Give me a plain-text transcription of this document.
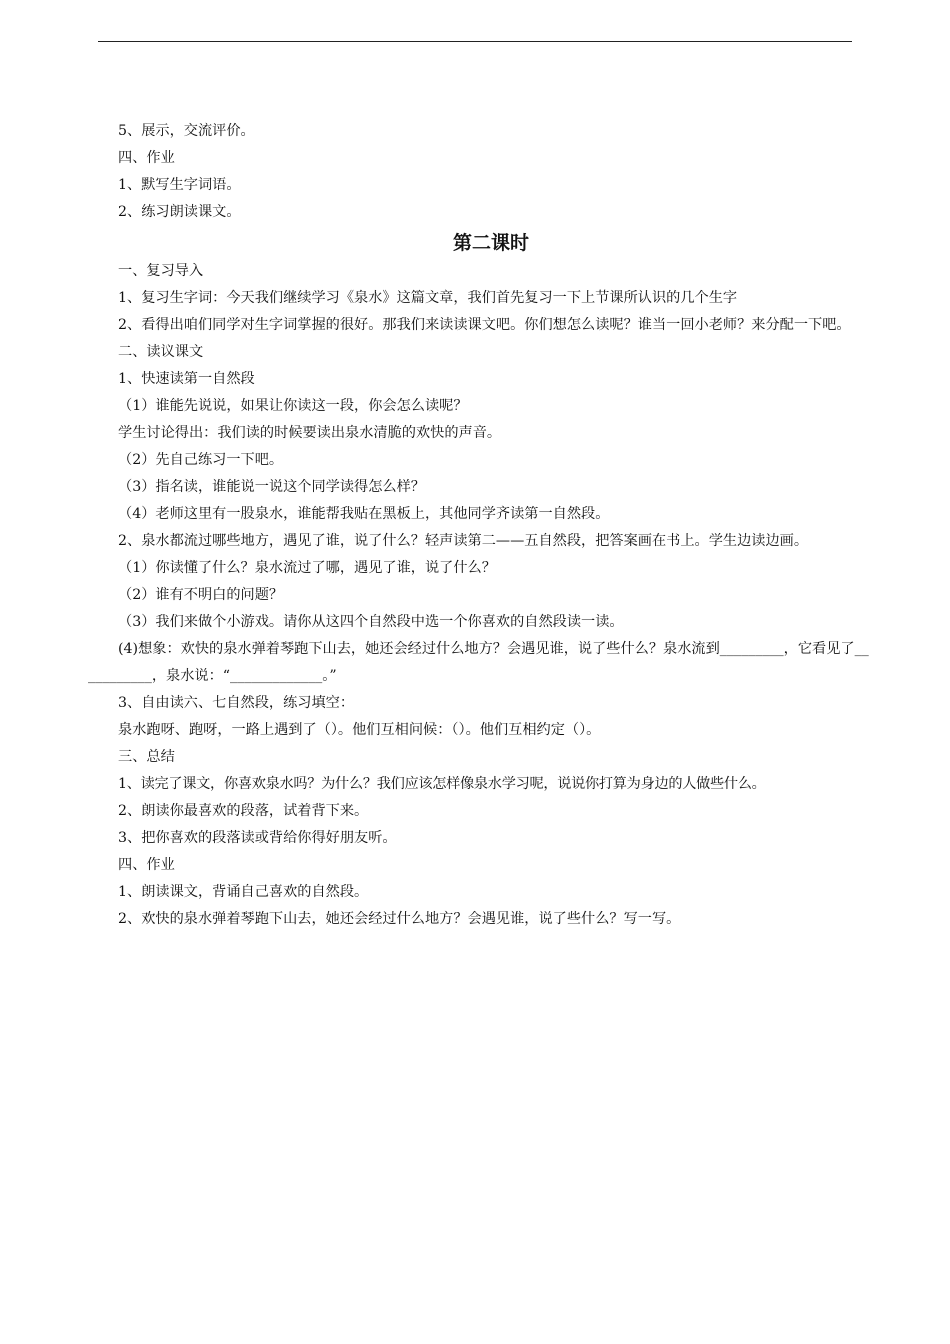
5、展示，交流评价。

四、作业

1、默写生字词语。

2、练习朗读课文。

第二课时

一、复习导入

1、复习生字词：今天我们继续学习《泉水》这篇文章，我们首先复习一下上节课所认识的几个生字

2、看得出咱们同学对生字词掌握的很好。那我们来读读课文吧。你们想怎么读呢？谁当一回小老师？来分配一下吧。

二、读议课文

1、快速读第一自然段

（1）谁能先说说，如果让你读这一段，你会怎么读呢？

学生讨论得出：我们读的时候要读出泉水清脆的欢快的声音。

（2）先自己练习一下吧。

（3）指名读，谁能说一说这个同学读得怎么样？

（4）老师这里有一股泉水，谁能帮我贴在黑板上，其他同学齐读第一自然段。

2、泉水都流过哪些地方，遇见了谁，说了什么？轻声读第二——五自然段，把答案画在书上。学生边读边画。

（1）你读懂了什么？泉水流过了哪，遇见了谁，说了什么？

（2）谁有不明白的问题？

（3）我们来做个小游戏。请你从这四个自然段中选一个你喜欢的自然段读一读。

(4)想象：欢快的泉水弹着琴跑下山去，她还会经过什么地方？会遇见谁，说了些什么？泉水流到_________，它看见了___________，泉水说：“_____________。”

3、自由读六、七自然段，练习填空：

泉水跑呀、跑呀，一路上遇到了（）。他们互相问候：（）。他们互相约定（）。

三、总结

1、读完了课文，你喜欢泉水吗？为什么？我们应该怎样像泉水学习呢，说说你打算为身边的人做些什么。

2、朗读你最喜欢的段落，试着背下来。

3、把你喜欢的段落读或背给你得好朋友听。

四、作业

1、朗读课文，背诵自己喜欢的自然段。

2、欢快的泉水弹着琴跑下山去，她还会经过什么地方？会遇见谁，说了些什么？写一写。
